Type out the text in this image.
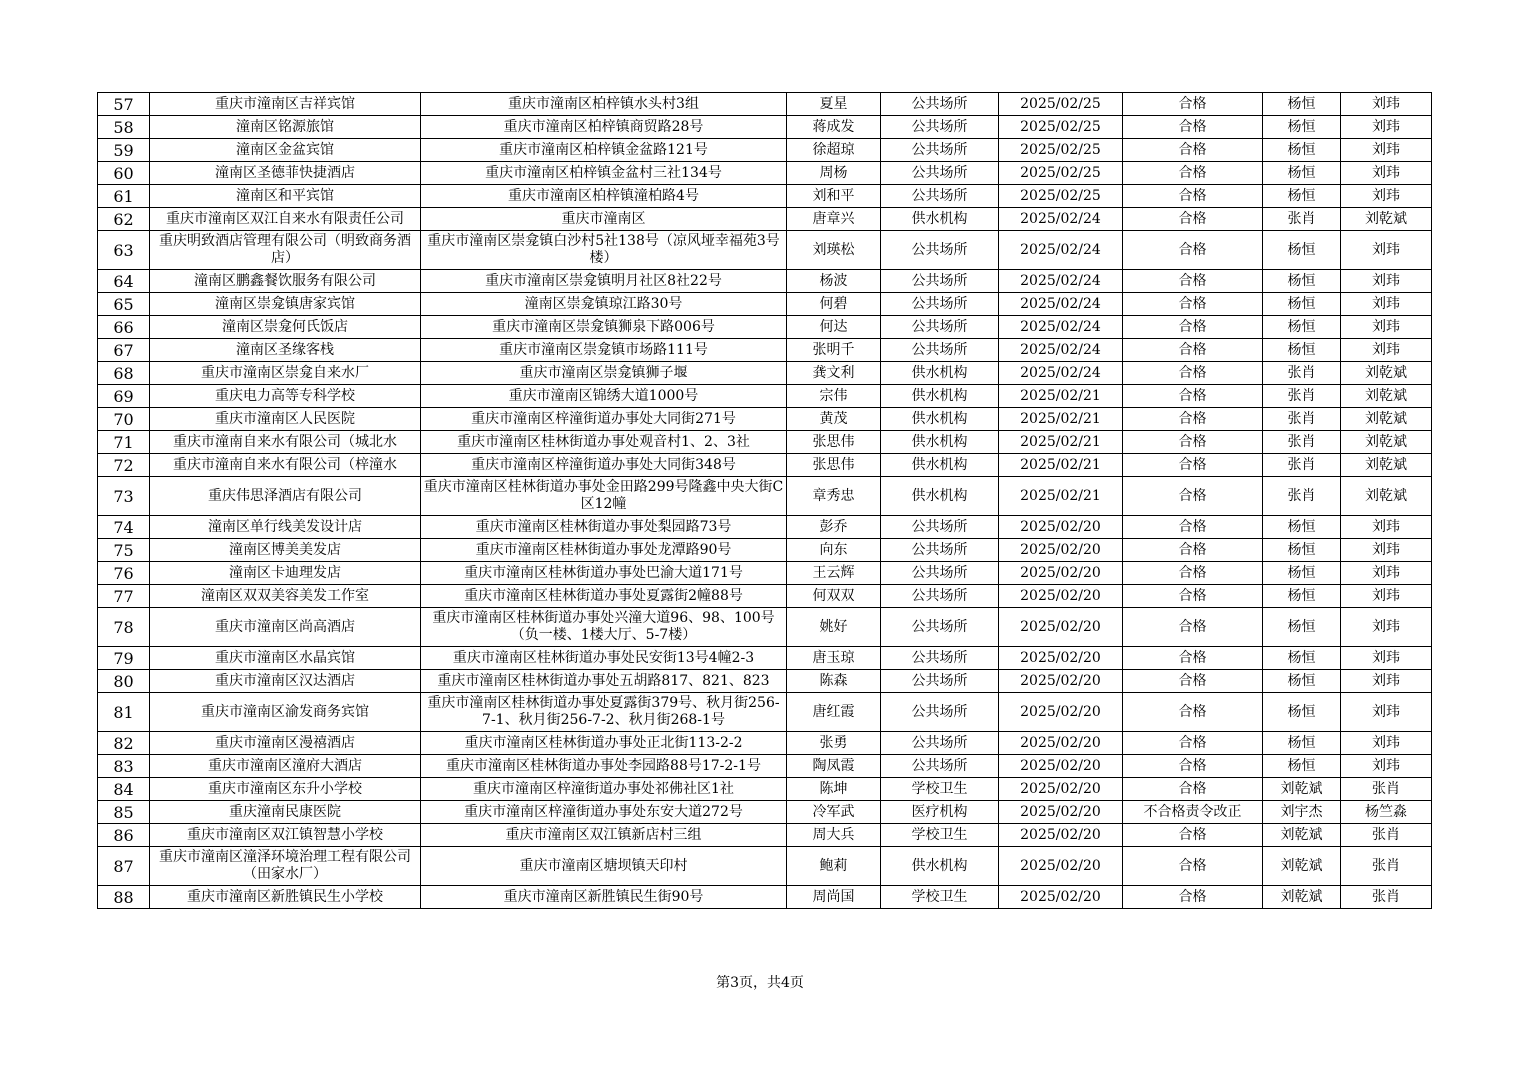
57	重庆市潼南区吉祥宾馆	重庆市潼南区柏梓镇水头村3组	夏星	公共场所	2025/02/25	合格	杨恒	刘玮
58	潼南区铭源旅馆	重庆市潼南区柏梓镇商贸路28号	蒋成发	公共场所	2025/02/25	合格	杨恒	刘玮
59	潼南区金盆宾馆	重庆市潼南区柏梓镇金盆路121号	徐超琼	公共场所	2025/02/25	合格	杨恒	刘玮
60	潼南区圣德菲快捷酒店	重庆市潼南区柏梓镇金盆村三社134号	周杨	公共场所	2025/02/25	合格	杨恒	刘玮
61	潼南区和平宾馆	重庆市潼南区柏梓镇潼柏路4号	刘和平	公共场所	2025/02/25	合格	杨恒	刘玮
62	重庆市潼南区双江自来水有限责任公司	重庆市潼南区	唐章兴	供水机构	2025/02/24	合格	张肖	刘乾斌
63	重庆明致酒店管理有限公司（明致商务酒店）	重庆市潼南区崇龛镇白沙村5社138号（凉风垭幸福苑3号楼）	刘瑛松	公共场所	2025/02/24	合格	杨恒	刘玮
64	潼南区鹏鑫餐饮服务有限公司	重庆市潼南区崇龛镇明月社区8社22号	杨波	公共场所	2025/02/24	合格	杨恒	刘玮
65	潼南区崇龛镇唐家宾馆	潼南区崇龛镇琼江路30号	何碧	公共场所	2025/02/24	合格	杨恒	刘玮
66	潼南区崇龛何氏饭店	重庆市潼南区崇龛镇狮泉下路006号	何达	公共场所	2025/02/24	合格	杨恒	刘玮
67	潼南区圣缘客栈	重庆市潼南区崇龛镇市场路111号	张明千	公共场所	2025/02/24	合格	杨恒	刘玮
68	重庆市潼南区崇龛自来水厂	重庆市潼南区崇龛镇狮子堰	龚文利	供水机构	2025/02/24	合格	张肖	刘乾斌
69	重庆电力高等专科学校	重庆市潼南区锦绣大道1000号	宗伟	供水机构	2025/02/21	合格	张肖	刘乾斌
70	重庆市潼南区人民医院	重庆市潼南区梓潼街道办事处大同街271号	黄茂	供水机构	2025/02/21	合格	张肖	刘乾斌
71	重庆市潼南自来水有限公司（城北水	重庆市潼南区桂林街道办事处观音村1、2、3社	张思伟	供水机构	2025/02/21	合格	张肖	刘乾斌
72	重庆市潼南自来水有限公司（梓潼水	重庆市潼南区梓潼街道办事处大同街348号	张思伟	供水机构	2025/02/21	合格	张肖	刘乾斌
73	重庆伟思泽酒店有限公司	重庆市潼南区桂林街道办事处金田路299号隆鑫中央大街C区12幢	章秀忠	供水机构	2025/02/21	合格	张肖	刘乾斌
74	潼南区单行线美发设计店	重庆市潼南区桂林街道办事处梨园路73号	彭乔	公共场所	2025/02/20	合格	杨恒	刘玮
75	潼南区博美美发店	重庆市潼南区桂林街道办事处龙潭路90号	向东	公共场所	2025/02/20	合格	杨恒	刘玮
76	潼南区卡迪理发店	重庆市潼南区桂林街道办事处巴渝大道171号	王云辉	公共场所	2025/02/20	合格	杨恒	刘玮
77	潼南区双双美容美发工作室	重庆市潼南区桂林街道办事处夏露街2幢88号	何双双	公共场所	2025/02/20	合格	杨恒	刘玮
78	重庆市潼南区尚高酒店	重庆市潼南区桂林街道办事处兴潼大道96、98、100号（负一楼、1楼大厅、5-7楼）	姚好	公共场所	2025/02/20	合格	杨恒	刘玮
79	重庆市潼南区水晶宾馆	重庆市潼南区桂林街道办事处民安街13号4幢2-3	唐玉琼	公共场所	2025/02/20	合格	杨恒	刘玮
80	重庆市潼南区汉达酒店	重庆市潼南区桂林街道办事处五胡路817、821、823	陈森	公共场所	2025/02/20	合格	杨恒	刘玮
81	重庆市潼南区渝发商务宾馆	重庆市潼南区桂林街道办事处夏露街379号、秋月街256-7-1、秋月街256-7-2、秋月街268-1号	唐红霞	公共场所	2025/02/20	合格	杨恒	刘玮
82	重庆市潼南区漫禧酒店	重庆市潼南区桂林街道办事处正北街113-2-2	张勇	公共场所	2025/02/20	合格	杨恒	刘玮
83	重庆市潼南区潼府大酒店	重庆市潼南区桂林街道办事处李园路88号17-2-1号	陶凤霞	公共场所	2025/02/20	合格	杨恒	刘玮
84	重庆市潼南区东升小学校	重庆市潼南区梓潼街道办事处祁佛社区1社	陈坤	学校卫生	2025/02/20	合格	刘乾斌	张肖
85	重庆潼南民康医院	重庆市潼南区梓潼街道办事处东安大道272号	冷军武	医疗机构	2025/02/20	不合格责令改正	刘宇杰	杨竺淼
86	重庆市潼南区双江镇智慧小学校	重庆市潼南区双江镇新店村三组	周大兵	学校卫生	2025/02/20	合格	刘乾斌	张肖
87	重庆市潼南区潼泽环境治理工程有限公司（田家水厂）	重庆市潼南区塘坝镇天印村	鲍莉	供水机构	2025/02/20	合格	刘乾斌	张肖
88	重庆市潼南区新胜镇民生小学校	重庆市潼南区新胜镇民生街90号	周尚国	学校卫生	2025/02/20	合格	刘乾斌	张肖
第3页，共4页
